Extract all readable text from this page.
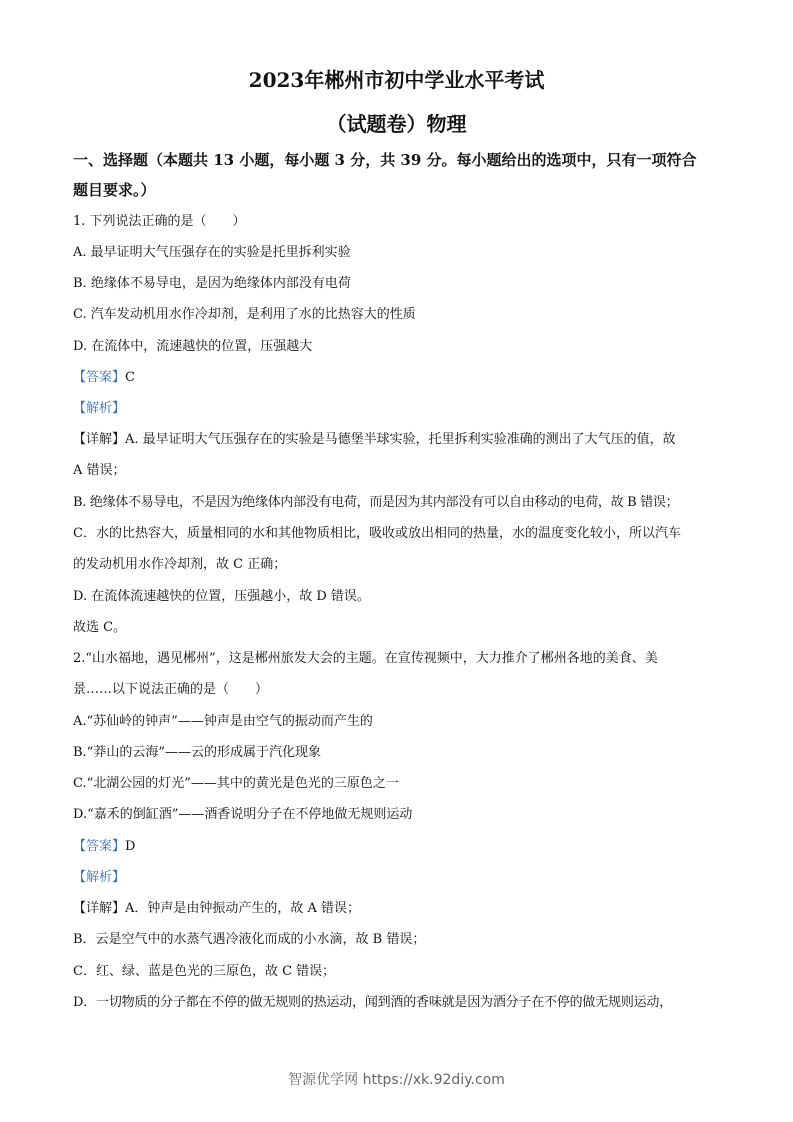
2023年郴州市初中学业水平考试
（试题卷）物理
一、选择题（本题共 13 小题，每小题 3 分，共 39 分。每小题给出的选项中，只有一项符合
题目要求。）
1. 下列说法正确的是（　　）
A. 最早证明大气压强存在的实验是托里拆利实验
B. 绝缘体不易导电，是因为绝缘体内部没有电荷
C. 汽车发动机用水作冷却剂，是利用了水的比热容大的性质
D. 在流体中，流速越快的位置，压强越大
【答案】C
【解析】
【详解】A. 最早证明大气压强存在的实验是马德堡半球实验，托里拆利实验准确的测出了大气压的值，故
A 错误；
B. 绝缘体不易导电，不是因为绝缘体内部没有电荷，而是因为其内部没有可以自由移动的电荷，故 B 错误；
C．水的比热容大，质量相同的水和其他物质相比，吸收或放出相同的热量，水的温度变化较小，所以汽车
的发动机用水作冷却剂，故 C 正确；
D. 在流体流速越快的位置，压强越小，故 D 错误。
故选 C。
2.“山水福地，遇见郴州”，这是郴州旅发大会的主题。在宣传视频中，大力推介了郴州各地的美食、美
景……以下说法正确的是（　　）
A.“苏仙岭的钟声”——钟声是由空气的振动而产生的
B.“莽山的云海”——云的形成属于汽化现象
C.“北湖公园的灯光”——其中的黄光是色光的三原色之一
D.“嘉禾的倒缸酒”——酒香说明分子在不停地做无规则运动
【答案】D
【解析】
【详解】A．钟声是由钟振动产生的，故 A 错误；
B．云是空气中的水蒸气遇冷液化而成的小水滴，故 B 错误；
C．红、绿、蓝是色光的三原色，故 C 错误；
D．一切物质的分子都在不停的做无规则的热运动，闻到酒的香味就是因为酒分子在不停的做无规则运动，
智源优学网 https://xk.92diy.com
